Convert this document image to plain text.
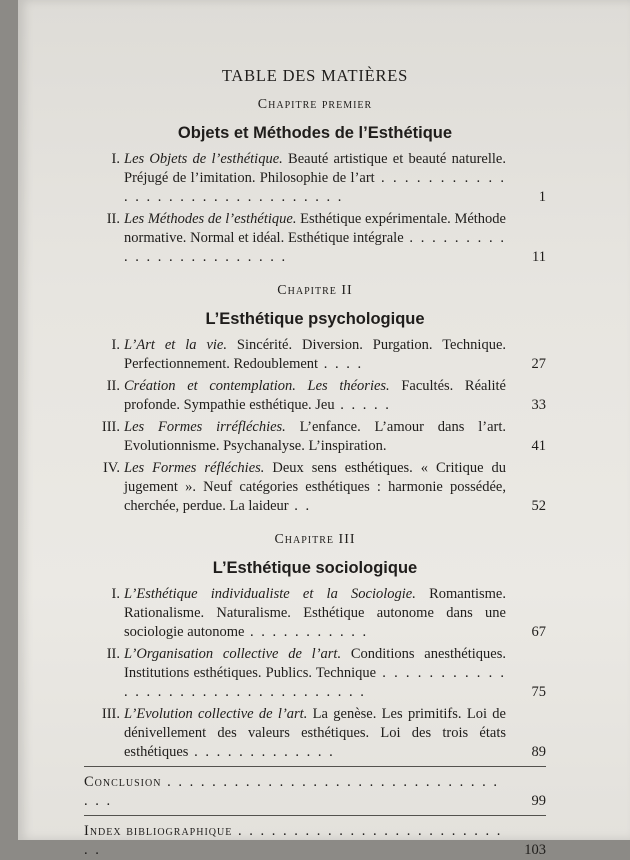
TABLE DES MATIÈRES

Chapitre premier

Objets et Méthodes de l’Esthétique
I. Les Objets de l’esthétique. Beauté artistique et beauté naturelle. Préjugé de l’imitation. Philosophie de l’art . . . . . . . . . . . . . . . . . . . . . . . . . . . . . . .	1
II. Les Méthodes de l’esthétique. Esthétique expérimentale. Méthode normative. Normal et idéal. Esthétique intégrale . . . . . . . . . . . . . . . . . . . . . . . .	11

Chapitre II

L’Esthétique psychologique
I. L’Art et la vie. Sincérité. Diversion. Purgation. Technique. Perfectionnement. Redoublement . . . .	27
II. Création et contemplation. Les théories. Facultés. Réalité profonde. Sympathie esthétique. Jeu . . . . .	33
III. Les Formes irréfléchies. L’enfance. L’amour dans l’art. Evolutionnisme. Psychanalyse. L’inspiration.	41
IV. Les Formes réfléchies. Deux sens esthétiques. « Critique du jugement ». Neuf catégories esthétiques : harmonie possédée, cherchée, perdue. La laideur . .	52

Chapitre III

L’Esthétique sociologique
I. L’Esthétique individualiste et la Sociologie. Romantisme. Rationalisme. Naturalisme. Esthétique autonome dans une sociologie autonome . . . . . . . . . . .	67
II. L’Organisation collective de l’art. Conditions anesthétiques. Institutions esthétiques. Publics. Technique . . . . . . . . . . . . . . . . . . . . . . . . . . . . . . . . .	75
III. L’Evolution collective de l’art. La genèse. Les primitifs. Loi de dénivellement des valeurs esthétiques. Loi des trois états esthétiques . . . . . . . . . . . . .	89
Conclusion . . . . . . . . . . . . . . . . . . . . . . . . . . . . . . . . .	99
Index bibliographique . . . . . . . . . . . . . . . . . . . . . . . . . .	103
